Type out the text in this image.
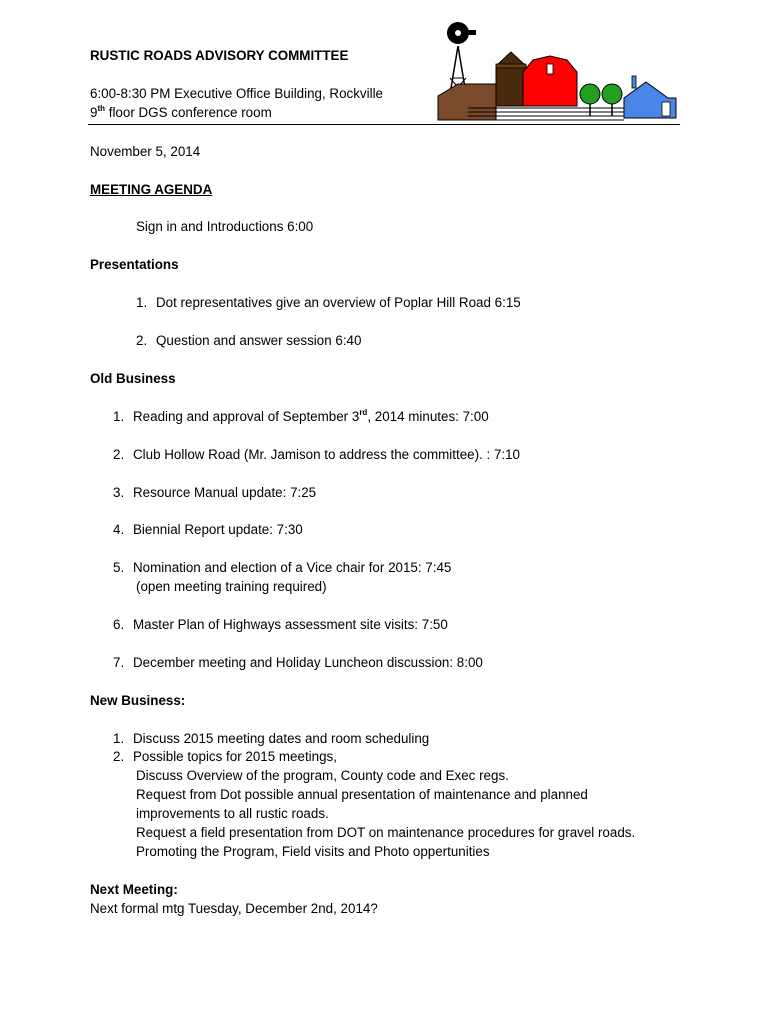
RUSTIC ROADS ADVISORY COMMITTEE
6:00-8:30 PM Executive Office Building, Rockville
9th floor DGS conference room
November 5, 2014
MEETING AGENDA
Sign in and Introductions 6:00
Presentations
1. Dot representatives give an overview of Poplar Hill Road 6:15
2. Question and answer session 6:40
Old Business
1. Reading and approval of September 3rd, 2014 minutes: 7:00
2. Club Hollow Road (Mr. Jamison to address the committee). : 7:10
3. Resource Manual update: 7:25
4. Biennial Report update: 7:30
5. Nomination and election of a Vice chair for 2015: 7:45
(open meeting training required)
6. Master Plan of Highways assessment site visits: 7:50
7. December meeting and Holiday Luncheon discussion: 8:00
New Business:
1. Discuss 2015 meeting dates and room scheduling
2. Possible topics for 2015 meetings,
Discuss Overview of the program, County code and Exec regs.
Request from Dot possible annual presentation of maintenance and planned
improvements to all rustic roads.
Request a field presentation from DOT on maintenance procedures for gravel roads.
Promoting the Program, Field visits and Photo oppertunities
Next Meeting:
Next formal mtg Tuesday, December 2nd, 2014?
